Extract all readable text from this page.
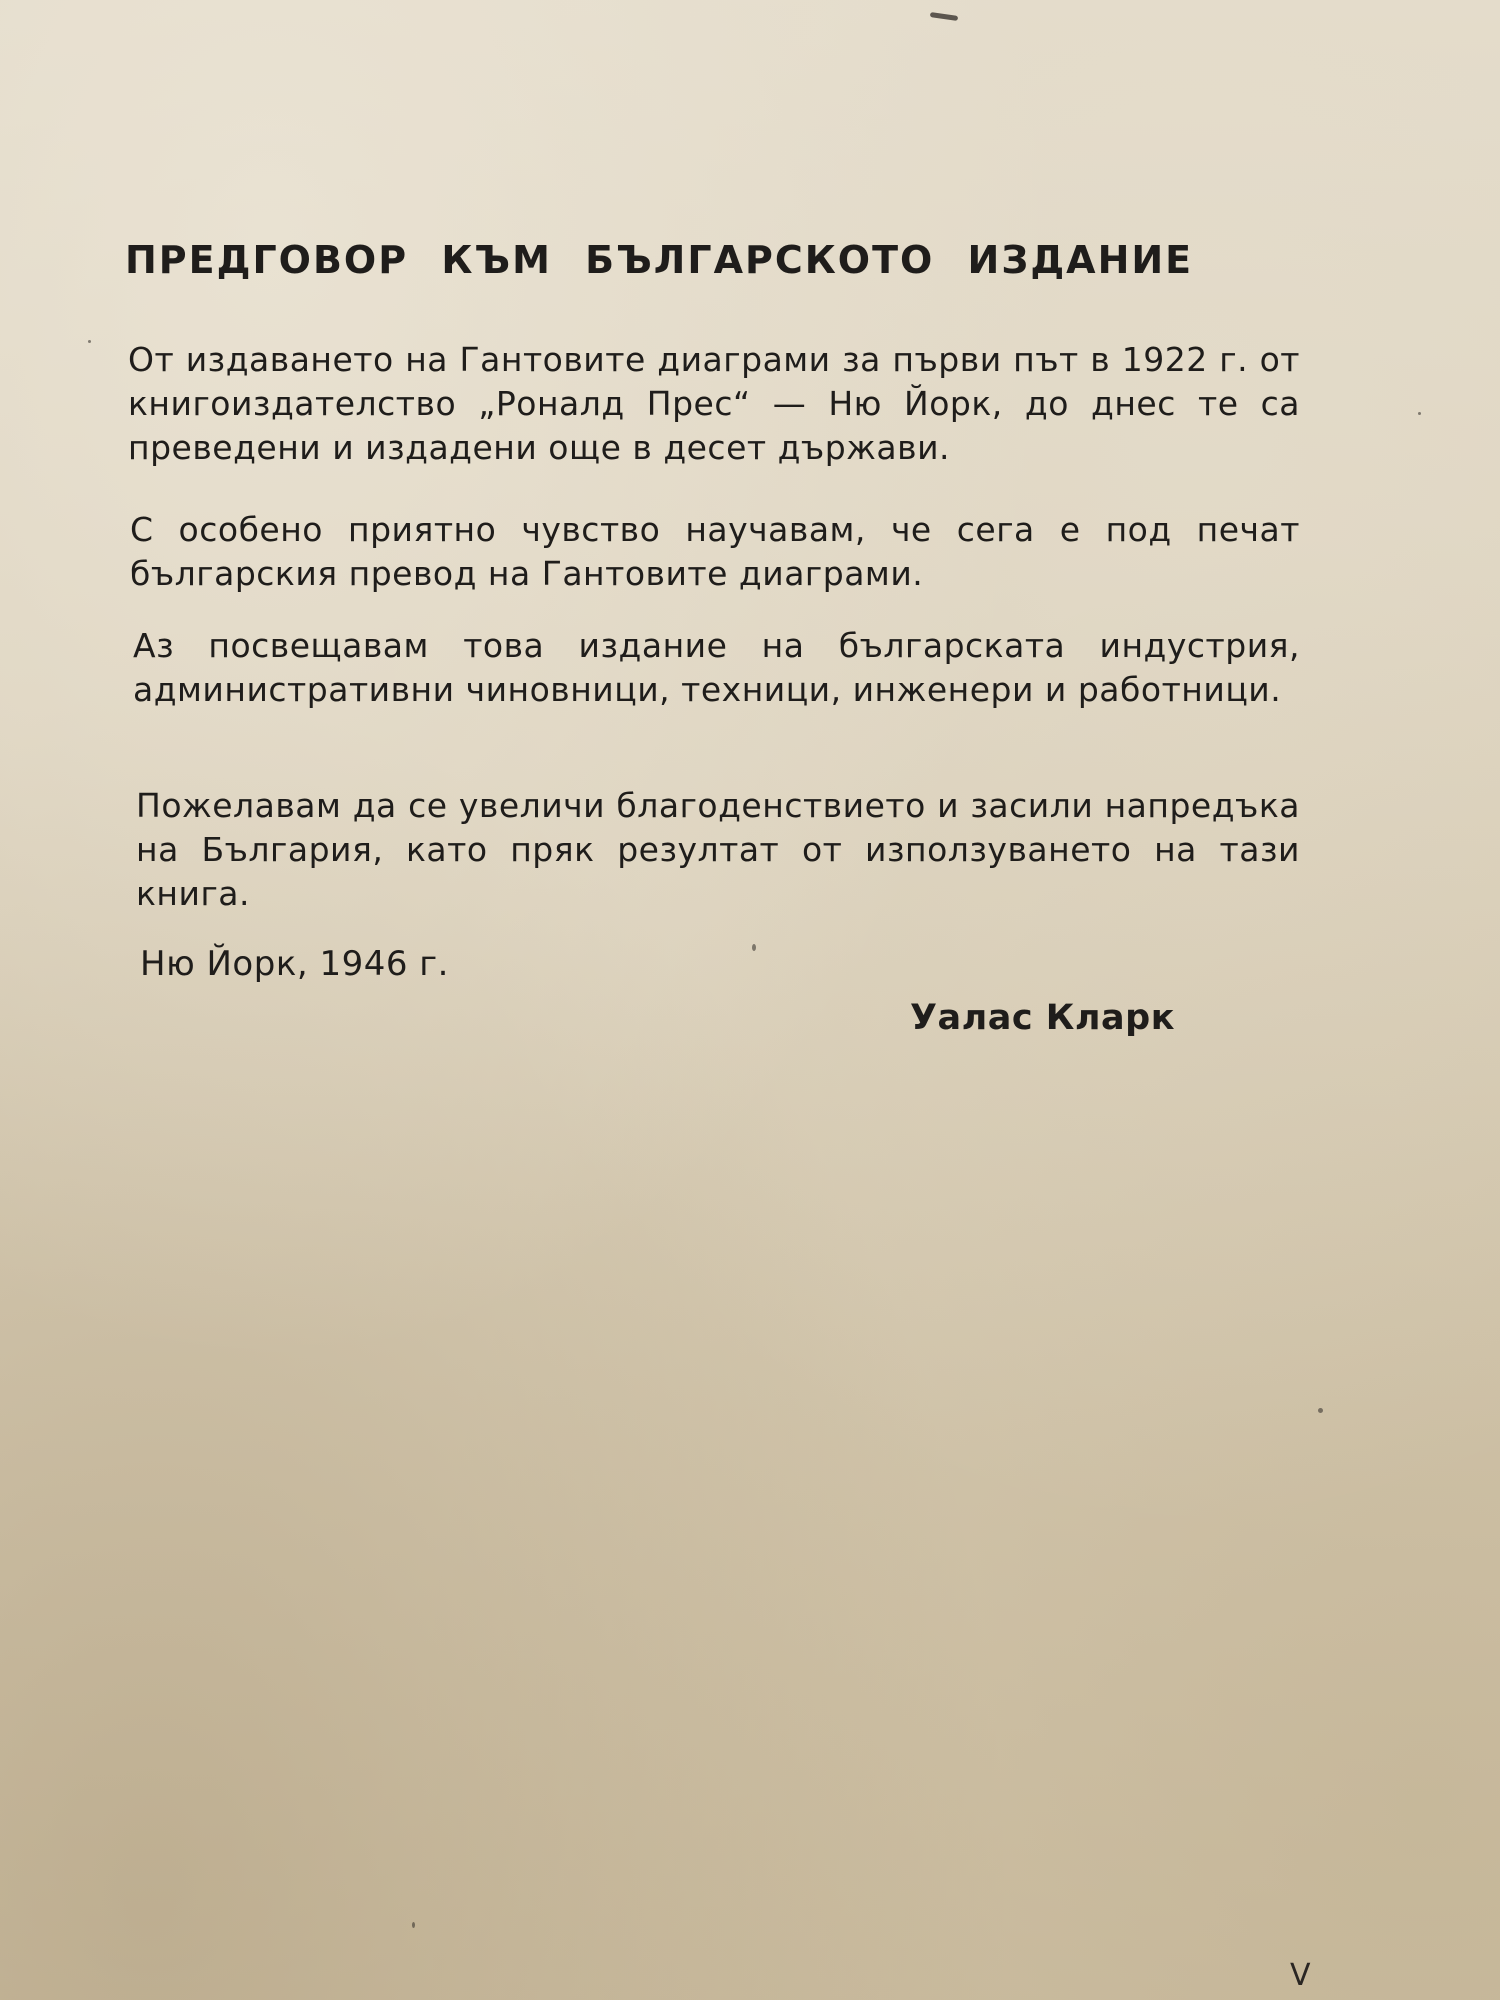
ПРЕДГОВОР КЪМ БЪЛГАРСКОТО ИЗДАНИЕ

От издаването на Гантовите диаграми за първи път в 1922 г. от книгоиздателство „Роналд Прес“ — Ню Йорк, до днес те са преведени и издадени още в десет държави.

С особено приятно чувство научавам, че сега е под печат българския превод на Гантовите диаграми.

Аз посвещавам това издание на българската индустрия, административни чиновници, техници, инженери и работници.

Пожелавам да се увеличи благоденствието и засили напредъка на България, като пряк резултат от използуването на тази книга.

Ню Йорк, 1946 г.

Уалас Кларк

V
